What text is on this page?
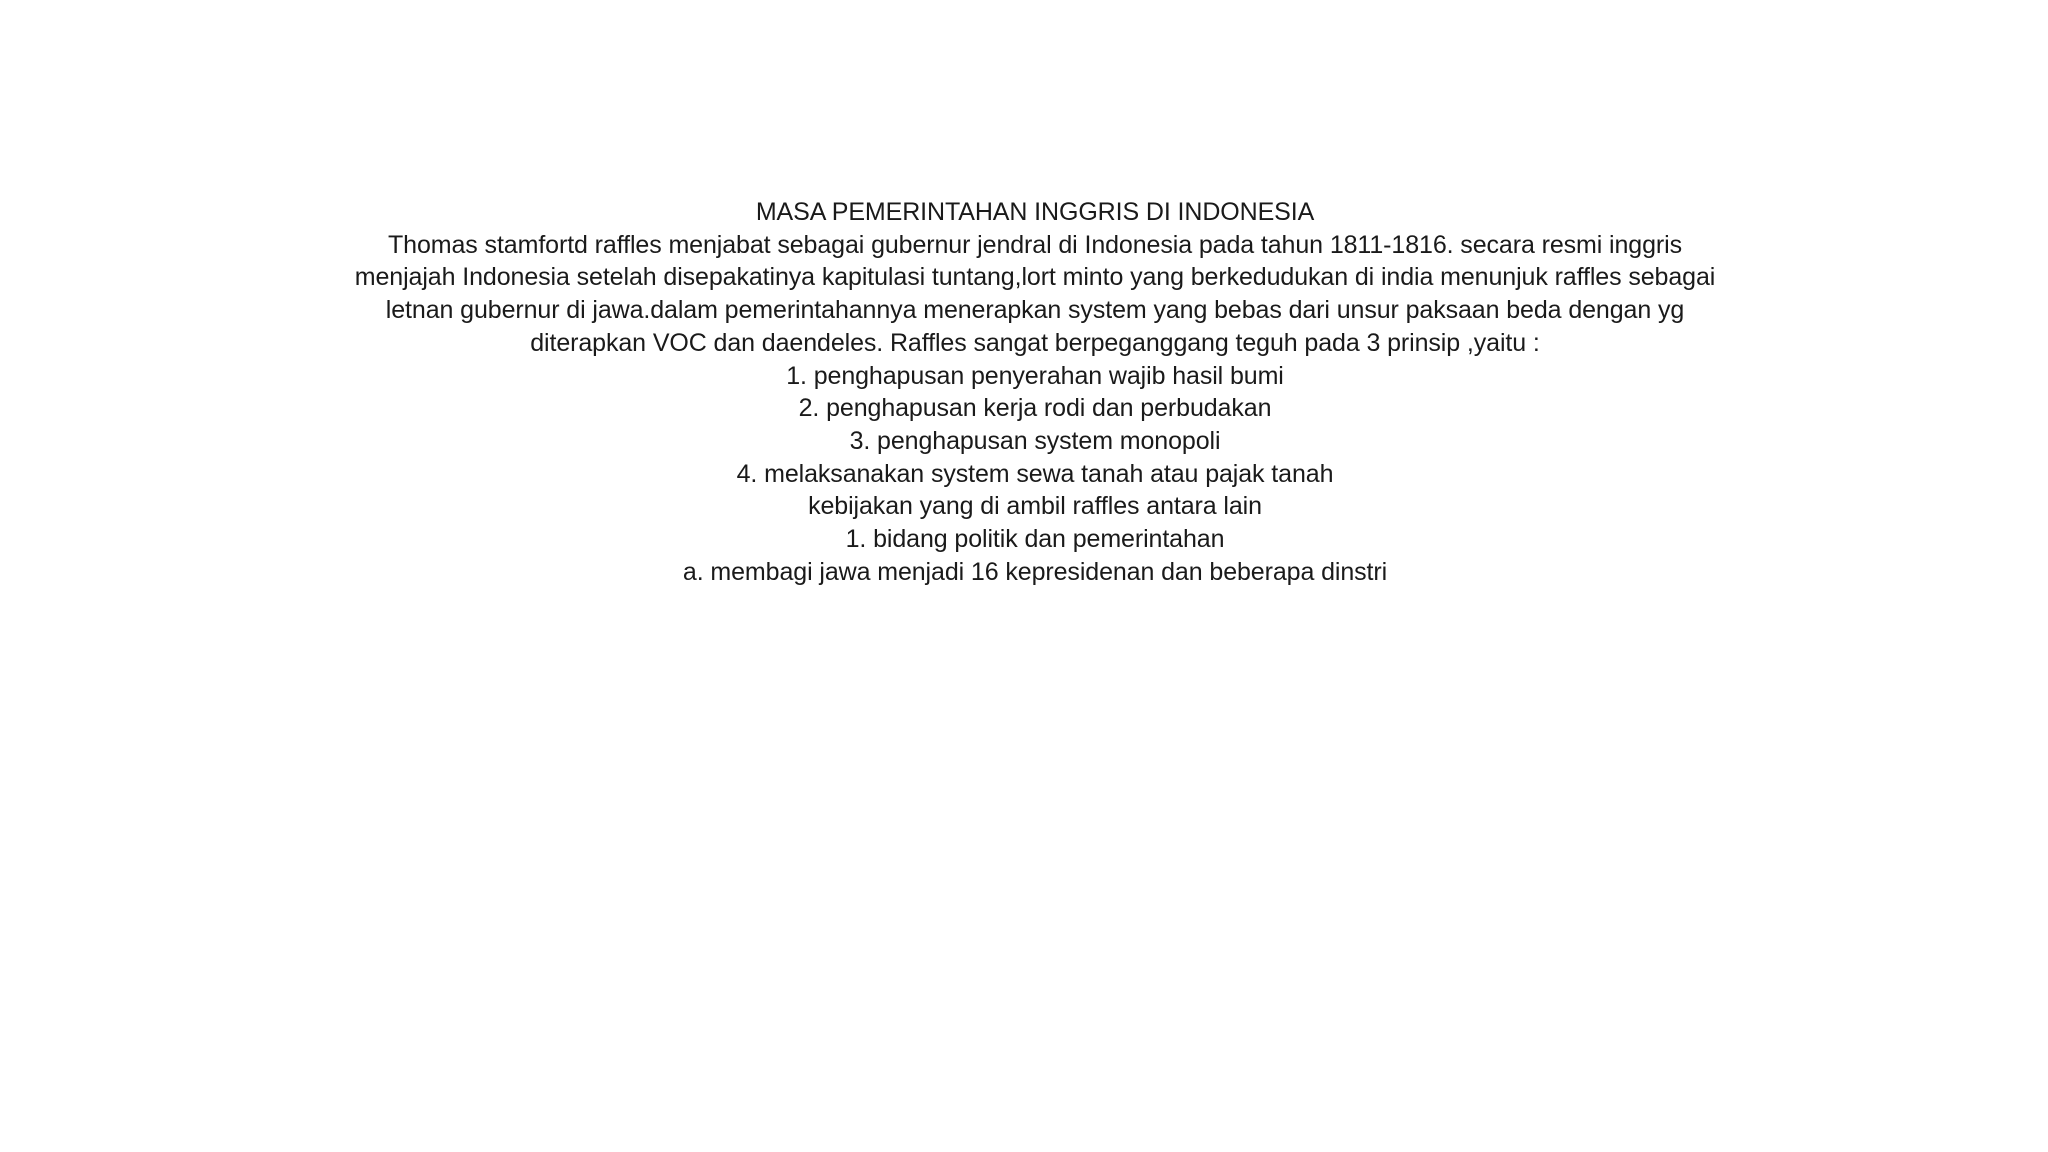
MASA PEMERINTAHAN INGGRIS DI INDONESIA
Thomas stamfortd raffles menjabat sebagai gubernur jendral di Indonesia pada tahun 1811-1816. secara resmi inggris
menjajah Indonesia setelah disepakatinya kapitulasi tuntang,lort minto yang berkedudukan di india menunjuk raffles sebagai
letnan gubernur di jawa.dalam pemerintahannya menerapkan system yang bebas dari unsur paksaan beda dengan yg
diterapkan VOC dan daendeles. Raffles sangat berpeganggang teguh pada 3 prinsip ,yaitu :
1. penghapusan penyerahan wajib hasil bumi
2. penghapusan kerja rodi dan perbudakan
3. penghapusan system monopoli
4. melaksanakan system sewa tanah atau pajak tanah
kebijakan yang di ambil raffles antara lain
1. bidang politik dan pemerintahan
a. membagi jawa menjadi 16 kepresidenan dan beberapa dinstri
